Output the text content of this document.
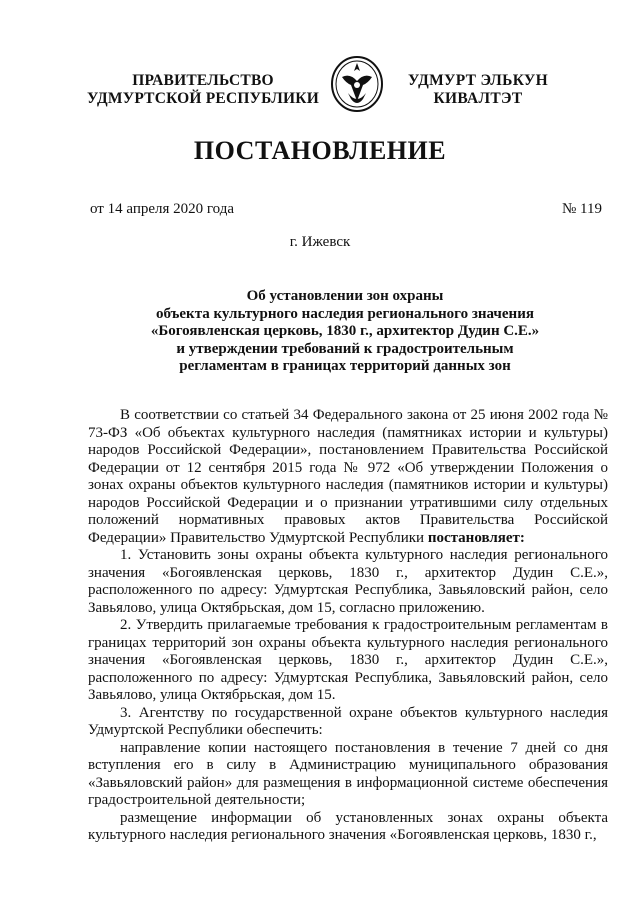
ПРАВИТЕЛЬСТВО
УДМУРТСКОЙ РЕСПУБЛИКИ
УДМУРТ ЭЛЬКУН
КИВАЛТЭТ
ПОСТАНОВЛЕНИЕ
от 14 апреля 2020 года	№ 119
г. Ижевск
Об установлении зон охраны
объекта культурного наследия регионального значения
«Богоявленская церковь, 1830 г., архитектор Дудин С.Е.»
и утверждении требований к градостроительным
регламентам в границах территорий данных зон

В соответствии со статьей 34 Федерального закона от 25 июня 2002 года № 73-ФЗ «Об объектах культурного наследия (памятниках истории и культуры) народов Российской Федерации», постановлением Правительства Российской Федерации от 12 сентября 2015 года № 972 «Об утверждении Положения о зонах охраны объектов культурного наследия (памятников истории и культуры) народов Российской Федерации и о признании утратившими силу отдельных положений нормативных правовых актов Правительства Российской Федерации» Правительство Удмуртской Республики постановляет:

1. Установить зоны охраны объекта культурного наследия регионального значения «Богоявленская церковь, 1830 г., архитектор Дудин С.Е.», расположенного по адресу: Удмуртская Республика, Завьяловский район, село Завьялово, улица Октябрьская, дом 15, согласно приложению.

2. Утвердить прилагаемые требования к градостроительным регламентам в границах территорий зон охраны объекта культурного наследия регионального значения «Богоявленская церковь, 1830 г., архитектор Дудин С.Е.», расположенного по адресу: Удмуртская Республика, Завьяловский район, село Завьялово, улица Октябрьская, дом 15.

3. Агентству по государственной охране объектов культурного наследия Удмуртской Республики обеспечить:

направление копии настоящего постановления в течение 7 дней со дня вступления его в силу в Администрацию муниципального образования «Завьяловский район» для размещения в информационной системе обеспечения градостроительной деятельности;

размещение информации об установленных зонах охраны объекта культурного наследия регионального значения «Богоявленская церковь, 1830 г.,
